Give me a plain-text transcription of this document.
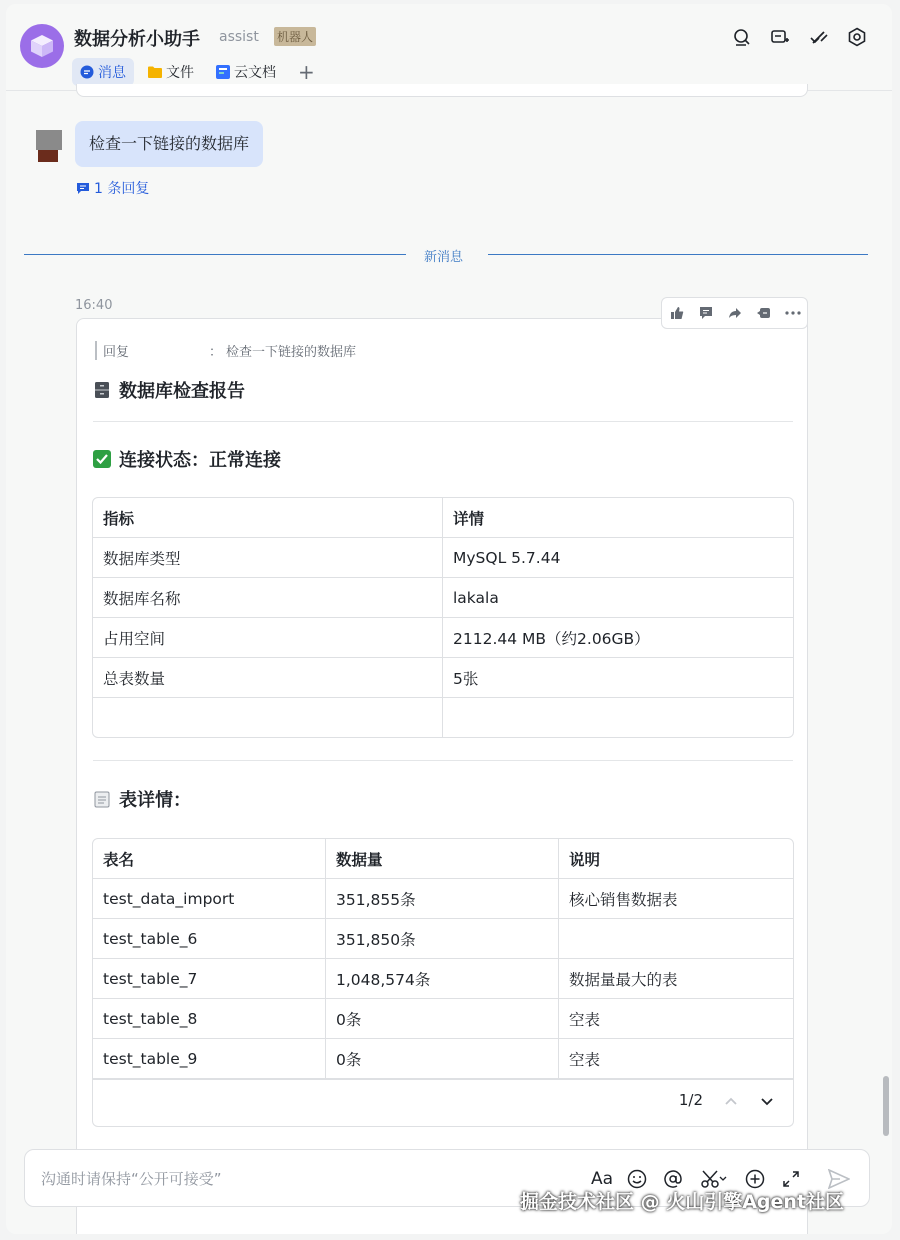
数据分析小助手 assist 机器人
消息	文件	云文档	+
检查一下链接的数据库
1 条回复
新消息
16:40
回复	： 检查一下链接的数据库
数据库检查报告
连接状态：正常连接
指标	详情
数据库类型	MySQL 5.7.44
数据库名称	lakala
占用空间	2112.44 MB（约2.06GB）
总表数量	5张

表详情：
表名	数据量	说明
test_data_import	351,855条	核心销售数据表
test_table_6	351,850条	
test_table_7	1,048,574条	数据量最大的表
test_table_8	0条	空表
test_table_9	0条	空表
1/2
沟通时请保持“公开可接受”	Aa
掘金技术社区 @ 火山引擎Agent社区
